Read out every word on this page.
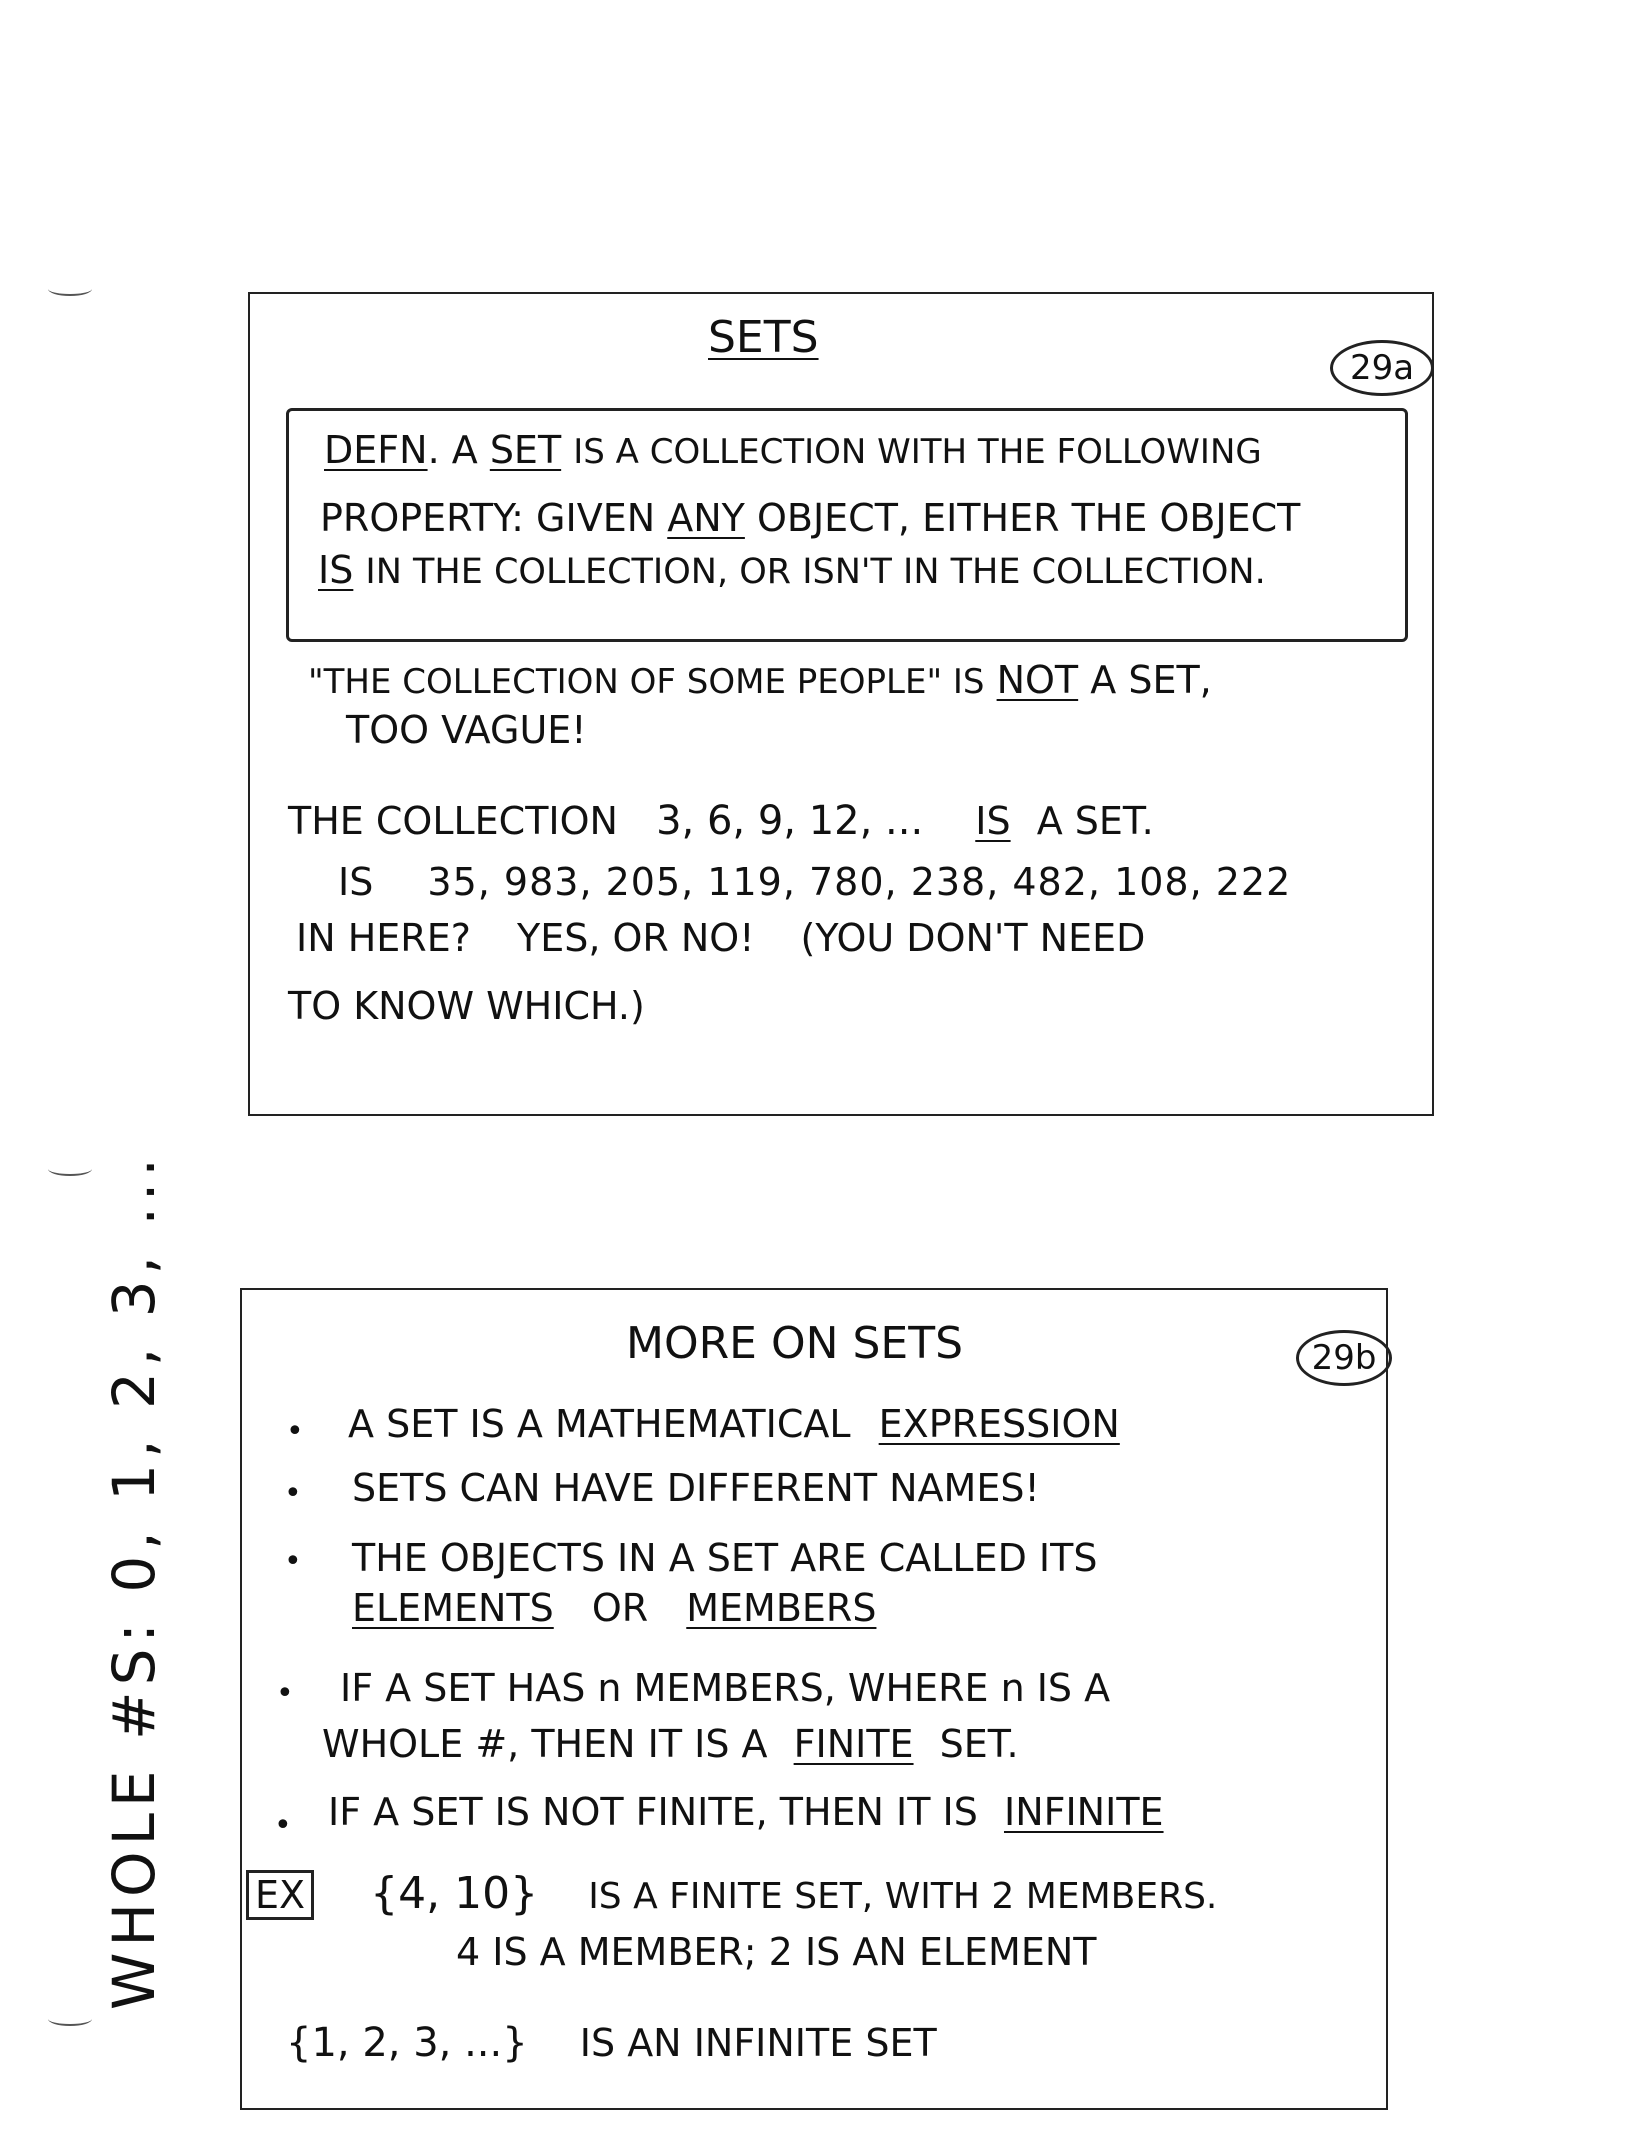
SETS
29a
DEFN. A SET IS A COLLECTION WITH THE FOLLOWING
PROPERTY: GIVEN ANY OBJECT, EITHER THE OBJECT
IS IN THE COLLECTION, OR ISN'T IN THE COLLECTION.
"THE COLLECTION OF SOME PEOPLE" IS NOT A SET,
TOO VAGUE!
THE COLLECTION 3, 6, 9, 12, ... IS A SET.
IS 35, 983, 205, 119, 780, 238, 482, 108, 222
IN HERE? YES, OR NO! (YOU DON'T NEED
TO KNOW WHICH.)
MORE ON SETS	29b
• A SET IS A MATHEMATICAL EXPRESSION
• SETS CAN HAVE DIFFERENT NAMES!
• THE OBJECTS IN A SET ARE CALLED ITS
ELEMENTS OR MEMBERS
• IF A SET HAS n MEMBERS, WHERE n IS A
WHOLE #, THEN IT IS A FINITE SET.
• IF A SET IS NOT FINITE, THEN IT IS INFINITE
EX {4, 10} IS A FINITE SET, WITH 2 MEMBERS.
4 IS A MEMBER; 2 IS AN ELEMENT
{1, 2, 3, ...} IS AN INFINITE SET
WHOLE #S: 0, 1, 2, 3, ...
